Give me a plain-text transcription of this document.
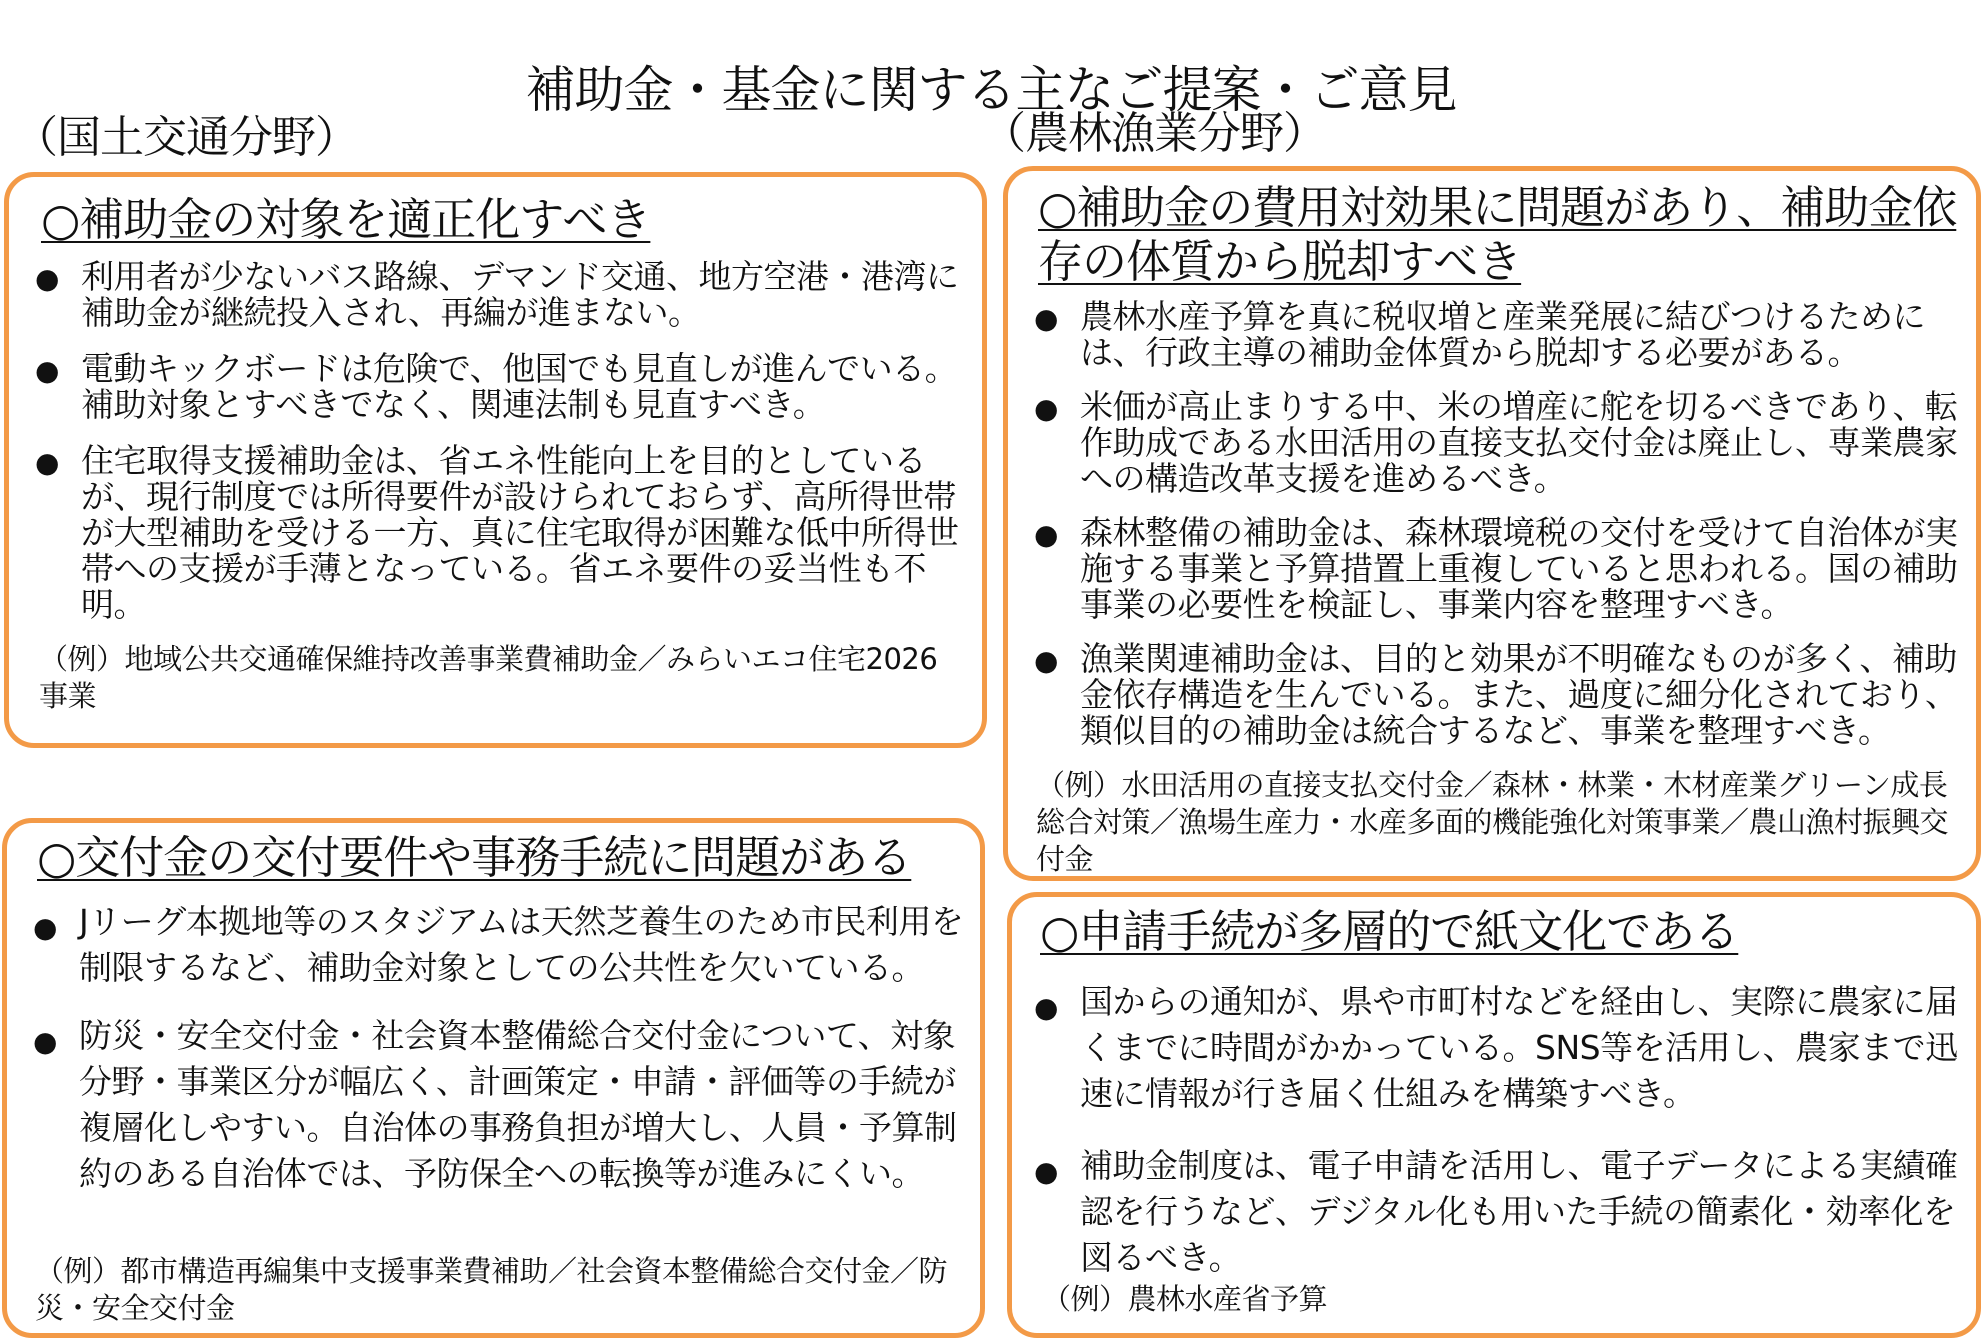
補助金・基金に関する主なご提案・ご意見
（国土交通分野）	（農林漁業分野）
○補助金の対象を適正化すべき
● 利用者が少ないバス路線、デマンド交通、地方空港・港湾に補助金が継続投入され、再編が進まない。
● 電動キックボードは危険で、他国でも見直しが進んでいる。補助対象とすべきでなく、関連法制も見直すべき。
● 住宅取得支援補助金は、省エネ性能向上を目的としているが、現行制度では所得要件が設けられておらず、高所得世帯が大型補助を受ける一方、真に住宅取得が困難な低中所得世帯への支援が手薄となっている。省エネ要件の妥当性も不明。

（例）地域公共交通確保維持改善事業費補助金／みらいエコ住宅2026事業

○交付金の交付要件や事務手続に問題がある
● Jリーグ本拠地等のスタジアムは天然芝養生のため市民利用を制限するなど、補助金対象としての公共性を欠いている。
● 防災・安全交付金・社会資本整備総合交付金について、対象分野・事業区分が幅広く、計画策定・申請・評価等の手続が複層化しやすい。自治体の事務負担が増大し、人員・予算制約のある自治体では、予防保全への転換等が進みにくい。

（例）都市構造再編集中支援事業費補助／社会資本整備総合交付金／防災・安全交付金

○補助金の費用対効果に問題があり、補助金依存の体質から脱却すべき
● 農林水産予算を真に税収増と産業発展に結びつけるためには、行政主導の補助金体質から脱却する必要がある。
● 米価が高止まりする中、米の増産に舵を切るべきであり、転作助成である水田活用の直接支払交付金は廃止し、専業農家への構造改革支援を進めるべき。
● 森林整備の補助金は、森林環境税の交付を受けて自治体が実施する事業と予算措置上重複していると思われる。国の補助事業の必要性を検証し、事業内容を整理すべき。
● 漁業関連補助金は、目的と効果が不明確なものが多く、補助金依存構造を生んでいる。また、過度に細分化されており、類似目的の補助金は統合するなど、事業を整理すべき。

（例）水田活用の直接支払交付金／森林・林業・木材産業グリーン成長総合対策／漁場生産力・水産多面的機能強化対策事業／農山漁村振興交付金

○申請手続が多層的で紙文化である
● 国からの通知が、県や市町村などを経由し、実際に農家に届くまでに時間がかかっている。SNS等を活用し、農家まで迅速に情報が行き届く仕組みを構築すべき。
● 補助金制度は、電子申請を活用し、電子データによる実績確認を行うなど、デジタル化も用いた手続の簡素化・効率化を図るべき。

（例）農林水産省予算
